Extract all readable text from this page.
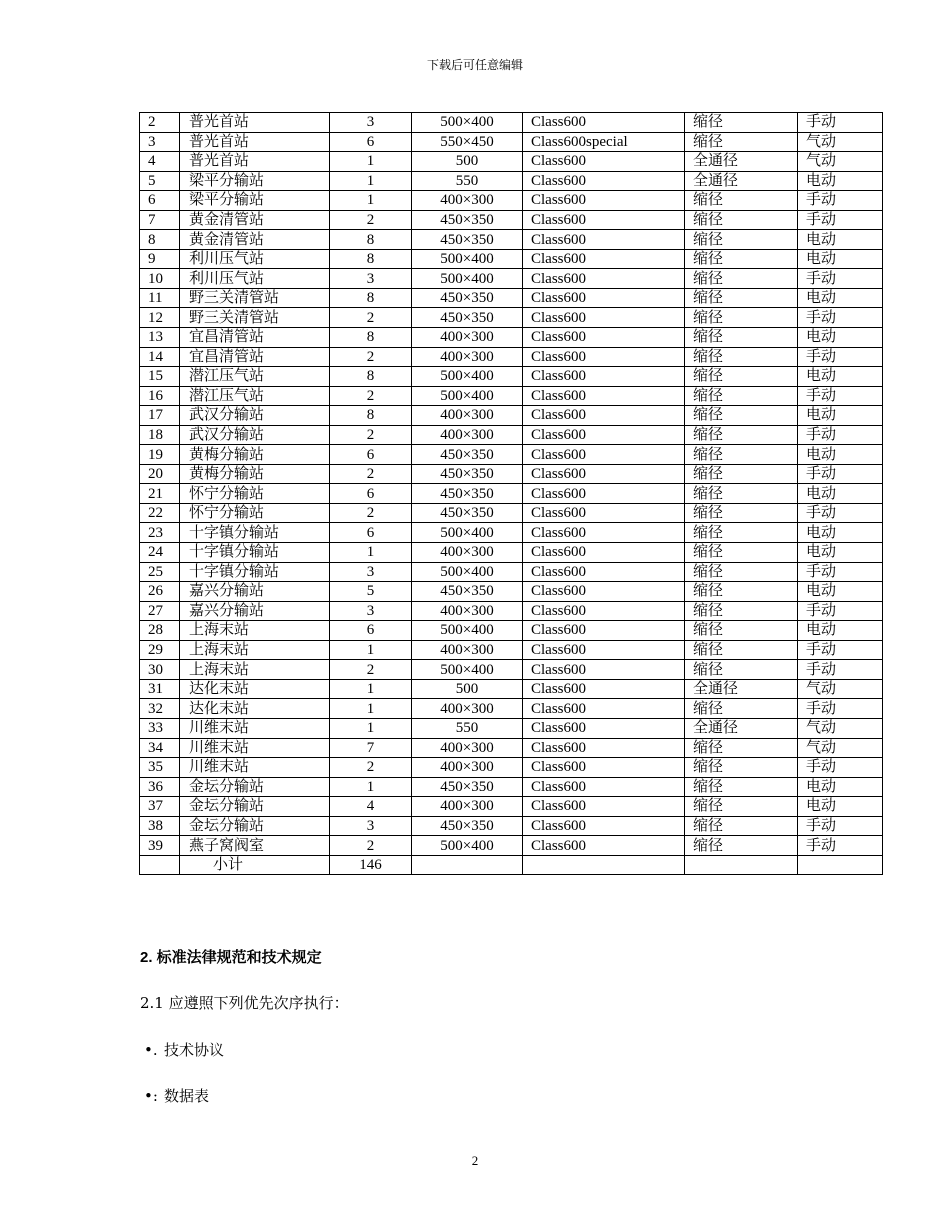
下载后可任意编辑
2	普光首站	3	500×400	Class600	缩径	手动
3	普光首站	6	550×450	Class600special	缩径	气动
4	普光首站	1	500	Class600	全通径	气动
5	梁平分输站	1	550	Class600	全通径	电动
6	梁平分输站	1	400×300	Class600	缩径	手动
7	黄金清管站	2	450×350	Class600	缩径	手动
8	黄金清管站	8	450×350	Class600	缩径	电动
9	利川压气站	8	500×400	Class600	缩径	电动
10	利川压气站	3	500×400	Class600	缩径	手动
11	野三关清管站	8	450×350	Class600	缩径	电动
12	野三关清管站	2	450×350	Class600	缩径	手动
13	宜昌清管站	8	400×300	Class600	缩径	电动
14	宜昌清管站	2	400×300	Class600	缩径	手动
15	潜江压气站	8	500×400	Class600	缩径	电动
16	潜江压气站	2	500×400	Class600	缩径	手动
17	武汉分输站	8	400×300	Class600	缩径	电动
18	武汉分输站	2	400×300	Class600	缩径	手动
19	黄梅分输站	6	450×350	Class600	缩径	电动
20	黄梅分输站	2	450×350	Class600	缩径	手动
21	怀宁分输站	6	450×350	Class600	缩径	电动
22	怀宁分输站	2	450×350	Class600	缩径	手动
23	十字镇分输站	6	500×400	Class600	缩径	电动
24	十字镇分输站	1	400×300	Class600	缩径	电动
25	十字镇分输站	3	500×400	Class600	缩径	手动
26	嘉兴分输站	5	450×350	Class600	缩径	电动
27	嘉兴分输站	3	400×300	Class600	缩径	手动
28	上海末站	6	500×400	Class600	缩径	电动
29	上海末站	1	400×300	Class600	缩径	手动
30	上海末站	2	500×400	Class600	缩径	手动
31	达化末站	1	500	Class600	全通径	气动
32	达化末站	1	400×300	Class600	缩径	手动
33	川维末站	1	550	Class600	全通径	气动
34	川维末站	7	400×300	Class600	缩径	气动
35	川维末站	2	400×300	Class600	缩径	手动
36	金坛分输站	1	450×350	Class600	缩径	电动
37	金坛分输站	4	400×300	Class600	缩径	电动
38	金坛分输站	3	450×350	Class600	缩径	手动
39	燕子窝阀室	2	500×400	Class600	缩径	手动
	小计	146				
2. 标准法律规范和技术规定
2.1 应遵照下列优先次序执行：
•. 技术协议
•: 数据表
2
